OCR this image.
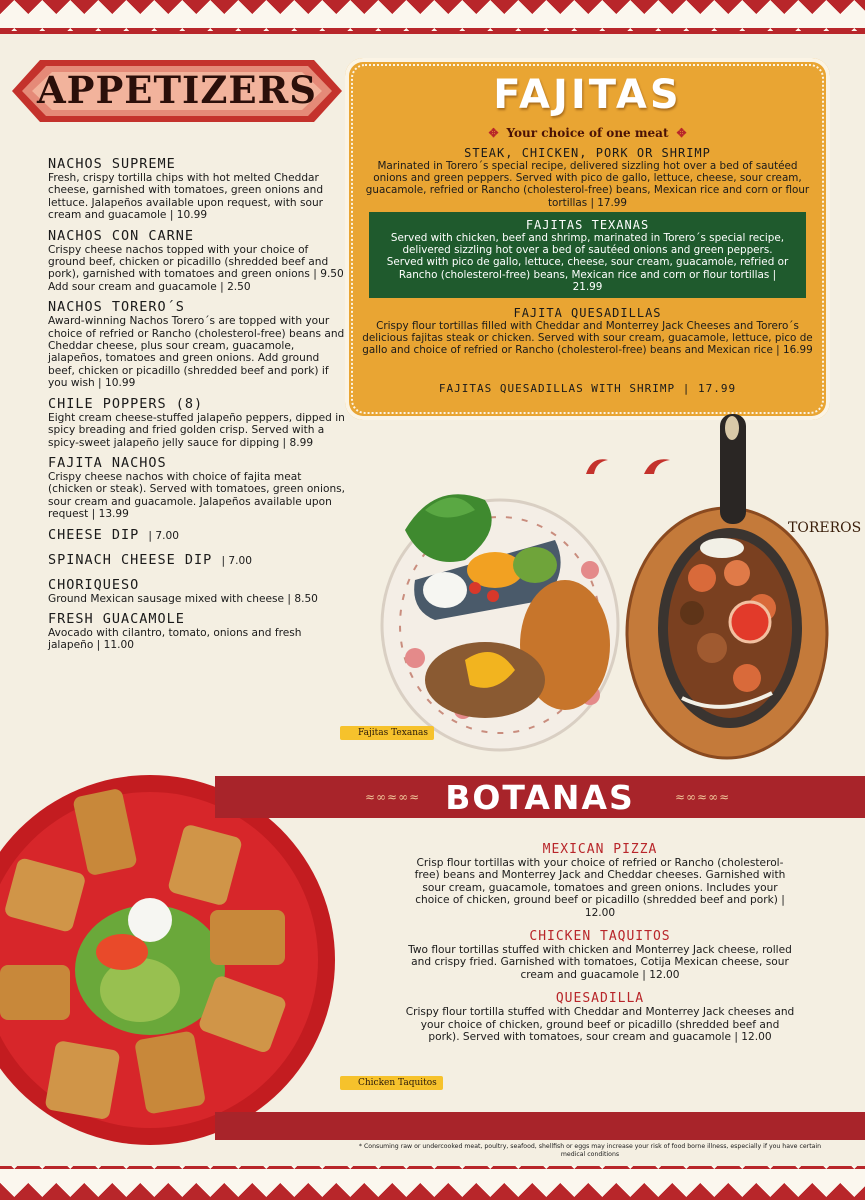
APPETIZERS
NACHOS SUPREME
Fresh, crispy tortilla chips with hot melted Cheddar cheese, garnished with tomatoes, green onions and lettuce. Jalapeños available upon request, with sour cream and guacamole | 10.99
NACHOS CON CARNE
Crispy cheese nachos topped with your choice of ground beef, chicken or picadillo (shredded beef and pork), garnished with tomatoes and green onions | 9.50
Add sour cream and guacamole | 2.50
NACHOS TORERO´S
Award-winning Nachos Torero´s are topped with your choice of refried or Rancho (cholesterol-free) beans and Cheddar cheese, plus sour cream, guacamole, jalapeños, tomatoes and green onions. Add ground beef, chicken or picadillo (shredded beef and pork) if you wish | 10.99
CHILE POPPERS (8)
Eight cream cheese-stuffed jalapeño peppers, dipped in spicy breading and fried golden crisp. Served with a spicy-sweet jalapeño jelly sauce for dipping | 8.99
FAJITA NACHOS
Crispy cheese nachos with choice of fajita meat (chicken or steak). Served with tomatoes, green onions, sour cream and guacamole. Jalapeños available upon request | 13.99
CHEESE DIP | 7.00
SPINACH CHEESE DIP | 7.00
CHORIQUESO
Ground Mexican sausage mixed with cheese | 8.50
FRESH GUACAMOLE
Avocado with cilantro, tomato, onions and fresh jalapeño | 11.00
FAJITAS
✥ Your choice of one meat ✥
STEAK, CHICKEN, PORK OR SHRIMP
Marinated in Torero´s special recipe, delivered sizzling hot over a bed of sautéed onions and green peppers. Served with pico de gallo, lettuce, cheese, sour cream, guacamole, refried or Rancho (cholesterol-free) beans, Mexican rice and corn or flour tortillas | 17.99
FAJITAS TEXANAS
Served with chicken, beef and shrimp, marinated in Torero´s special recipe, delivered sizzling hot over a bed of sautéed onions and green peppers. Served with pico de gallo, lettuce, cheese, sour cream, guacamole, refried or Rancho (cholesterol-free) beans, Mexican rice and corn or flour tortillas | 21.99
FAJITA QUESADILLAS
Crispy flour tortillas filled with Cheddar and Monterrey Jack Cheeses and Torero´s delicious fajitas steak or chicken. Served with sour cream, guacamole, lettuce, pico de gallo and choice of refried or Rancho (cholesterol-free) beans and Mexican rice | 16.99
FAJITAS QUESADILLAS WITH SHRIMP | 17.99
Fajitas Texanas
TOREROS
Chicken Taquitos
≈∞≈∞≈ BOTANAS	≈∞≈∞≈
MEXICAN PIZZA
Crisp flour tortillas with your choice of refried or Rancho (cholesterol-free) beans and Monterrey Jack and Cheddar cheeses. Garnished with sour cream, guacamole, tomatoes and green onions. Includes your choice of chicken, ground beef or picadillo (shredded beef and pork) | 12.00
CHICKEN TAQUITOS
Two flour tortillas stuffed with chicken and Monterrey Jack cheese, rolled and crispy fried. Garnished with tomatoes, Cotija Mexican cheese, sour cream and guacamole | 12.00
QUESADILLA
Crispy flour tortilla stuffed with Cheddar and Monterrey Jack cheeses and your choice of chicken, ground beef or picadillo (shredded beef and pork). Served with tomatoes, sour cream and guacamole | 12.00
* Consuming raw or undercooked meat, poultry, seafood, shellfish or eggs may increase your risk of food borne illness, especially if you have certain medical conditions
